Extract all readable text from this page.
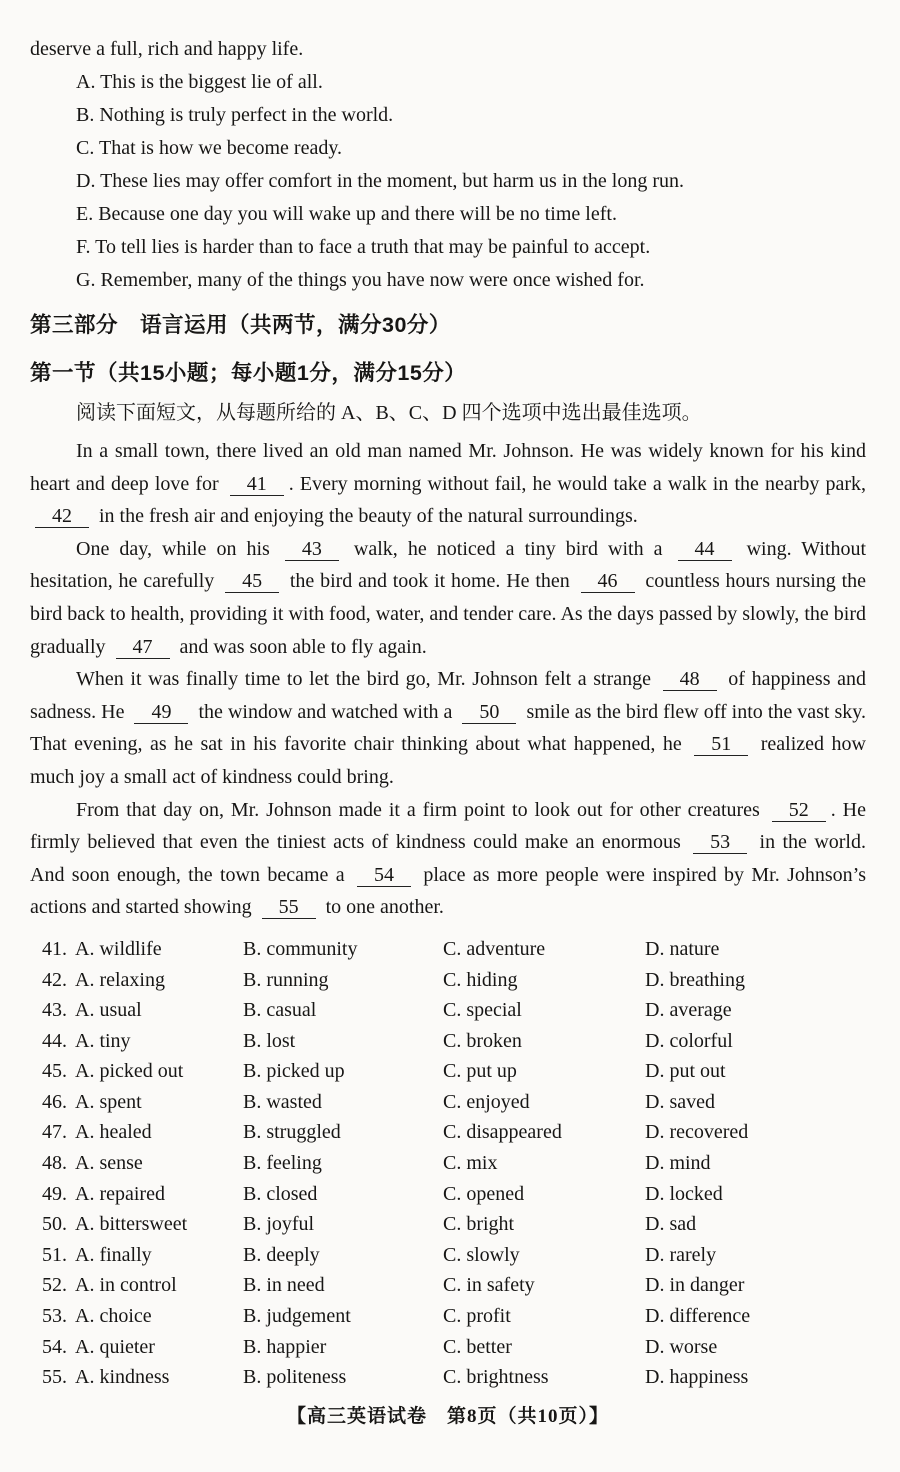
deserve a full, rich and happy life.

A. This is the biggest lie of all.
B. Nothing is truly perfect in the world.
C. That is how we become ready.
D. These lies may offer comfort in the moment, but harm us in the long run.
E. Because one day you will wake up and there will be no time left.
F. To tell lies is harder than to face a truth that may be painful to accept.
G. Remember, many of the things you have now were once wished for.
第三部分　语言运用（共两节，满分30分）
第一节（共15小题；每小题1分，满分15分）

阅读下面短文，从每题所给的 A、B、C、D 四个选项中选出最佳选项。

In a small town, there lived an old man named Mr. Johnson. He was widely known for his kind heart and deep love for 41 . Every morning without fail, he would take a walk in the nearby park, 42 in the fresh air and enjoying the beauty of the natural surroundings.

One day, while on his 43 walk, he noticed a tiny bird with a 44 wing. Without hesitation, he carefully 45 the bird and took it home. He then 46 countless hours nursing the bird back to health, providing it with food, water, and tender care. As the days passed by slowly, the bird gradually 47 and was soon able to fly again.

When it was finally time to let the bird go, Mr. Johnson felt a strange 48 of happiness and sadness. He 49 the window and watched with a 50 smile as the bird flew off into the vast sky. That evening, as he sat in his favorite chair thinking about what happened, he 51 realized how much joy a small act of kindness could bring.

From that day on, Mr. Johnson made it a firm point to look out for other creatures 52 . He firmly believed that even the tiniest acts of kindness could make an enormous 53 in the world. And soon enough, the town became a 54 place as more people were inspired by Mr. Johnson’s actions and started showing 55 to one another.

41. A. wildlife	B. community	C. adventure	D. nature
42. A. relaxing	B. running	C. hiding	D. breathing
43. A. usual	B. casual	C. special	D. average
44. A. tiny	B. lost	C. broken	D. colorful
45. A. picked out	B. picked up	C. put up	D. put out
46. A. spent	B. wasted	C. enjoyed	D. saved
47. A. healed	B. struggled	C. disappeared	D. recovered
48. A. sense	B. feeling	C. mix	D. mind
49. A. repaired	B. closed	C. opened	D. locked
50. A. bittersweet	B. joyful	C. bright	D. sad
51. A. finally	B. deeply	C. slowly	D. rarely
52. A. in control	B. in need	C. in safety	D. in danger
53. A. choice	B. judgement	C. profit	D. difference
54. A. quieter	B. happier	C. better	D. worse
55. A. kindness	B. politeness	C. brightness	D. happiness
【高三英语试卷　第8页（共10页）】
